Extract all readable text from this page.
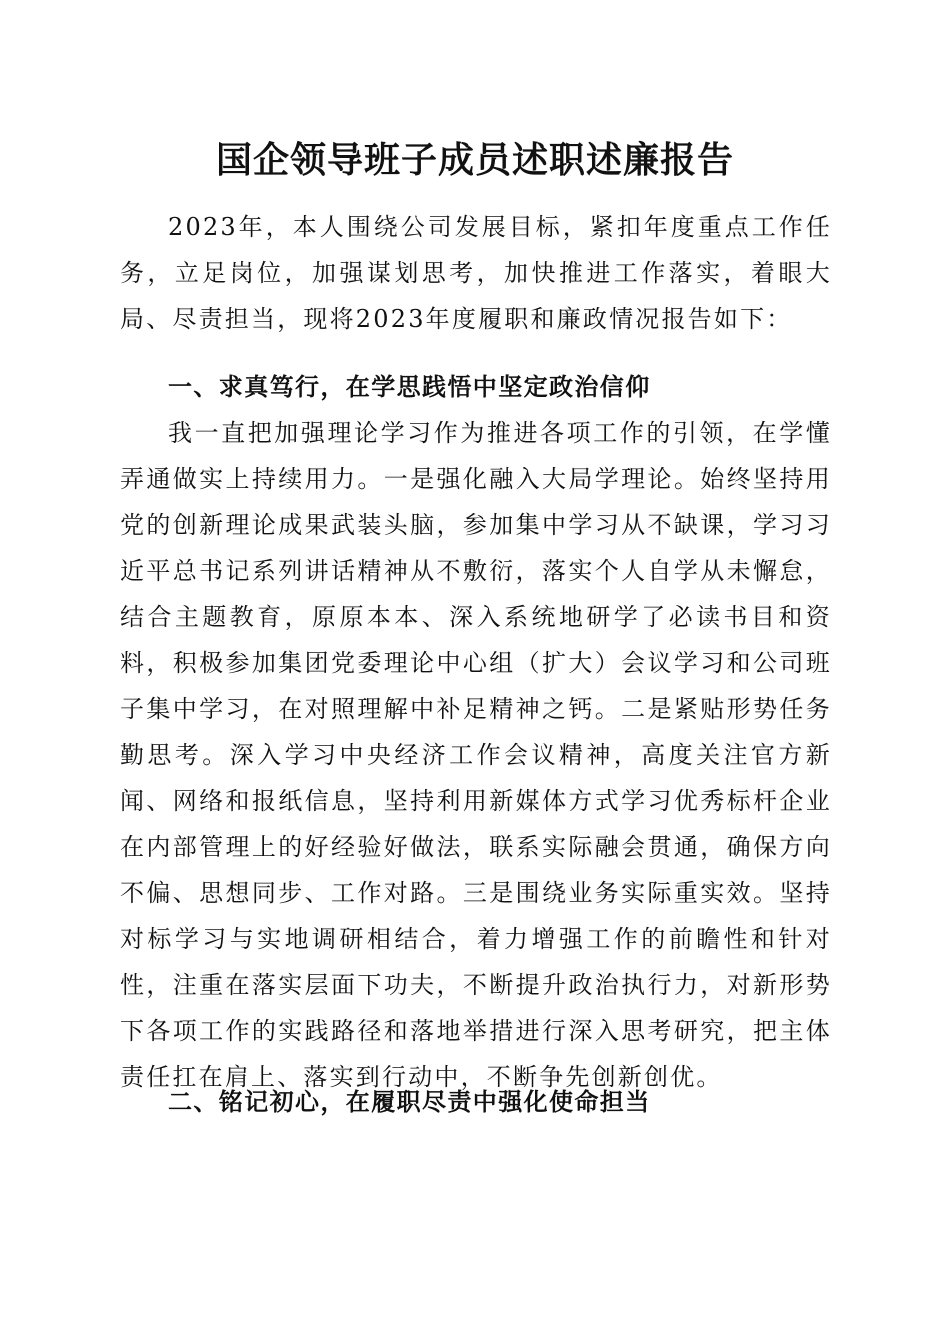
国企领导班子成员述职述廉报告

2023年，本人围绕公司发展目标，紧扣年度重点工作任务，立足岗位，加强谋划思考，加快推进工作落实，着眼大局、尽责担当，现将2023年度履职和廉政情况报告如下：

一、求真笃行，在学思践悟中坚定政治信仰

我一直把加强理论学习作为推进各项工作的引领，在学懂弄通做实上持续用力。一是强化融入大局学理论。始终坚持用党的创新理论成果武装头脑，参加集中学习从不缺课，学习习近平总书记系列讲话精神从不敷衍，落实个人自学从未懈怠，结合主题教育，原原本本、深入系统地研学了必读书目和资料，积极参加集团党委理论中心组（扩大）会议学习和公司班子集中学习，在对照理解中补足精神之钙。二是紧贴形势任务勤思考。深入学习中央经济工作会议精神，高度关注官方新闻、网络和报纸信息，坚持利用新媒体方式学习优秀标杆企业在内部管理上的好经验好做法，联系实际融会贯通，确保方向不偏、思想同步、工作对路。三是围绕业务实际重实效。坚持对标学习与实地调研相结合，着力增强工作的前瞻性和针对性，注重在落实层面下功夫，不断提升政治执行力，对新形势下各项工作的实践路径和落地举措进行深入思考研究，把主体责任扛在肩上、落实到行动中，不断争先创新创优。

二、铭记初心，在履职尽责中强化使命担当
